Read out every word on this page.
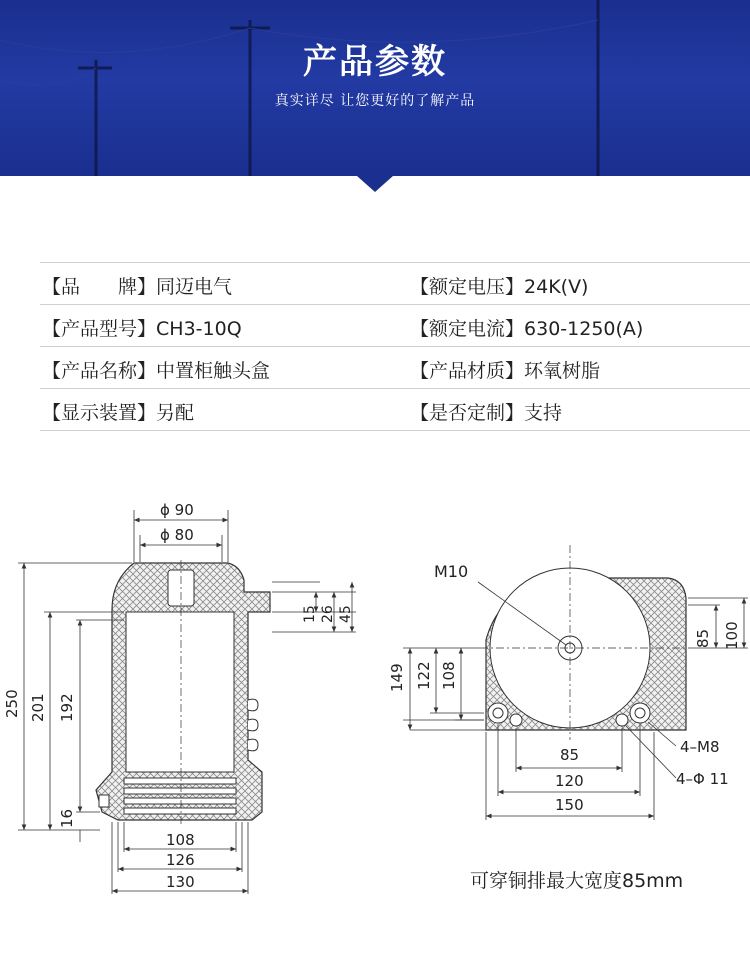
产品参数
真实详尽 让您更好的了解产品
【品　　牌】同迈电气	【额定电压】24K(V)
【产品型号】CH3-10Q	【额定电流】630-1250(A)
【产品名称】中置柜触头盒	【产品材质】环氧树脂
【显示装置】另配	【是否定制】支持
ϕ 90
ϕ 80
250 201 192
16
15 26 45
108
126
130
M10
149 122 108
85 100
85
120
150
4–M8
4–Φ 11
可穿铜排最大宽度85mm
